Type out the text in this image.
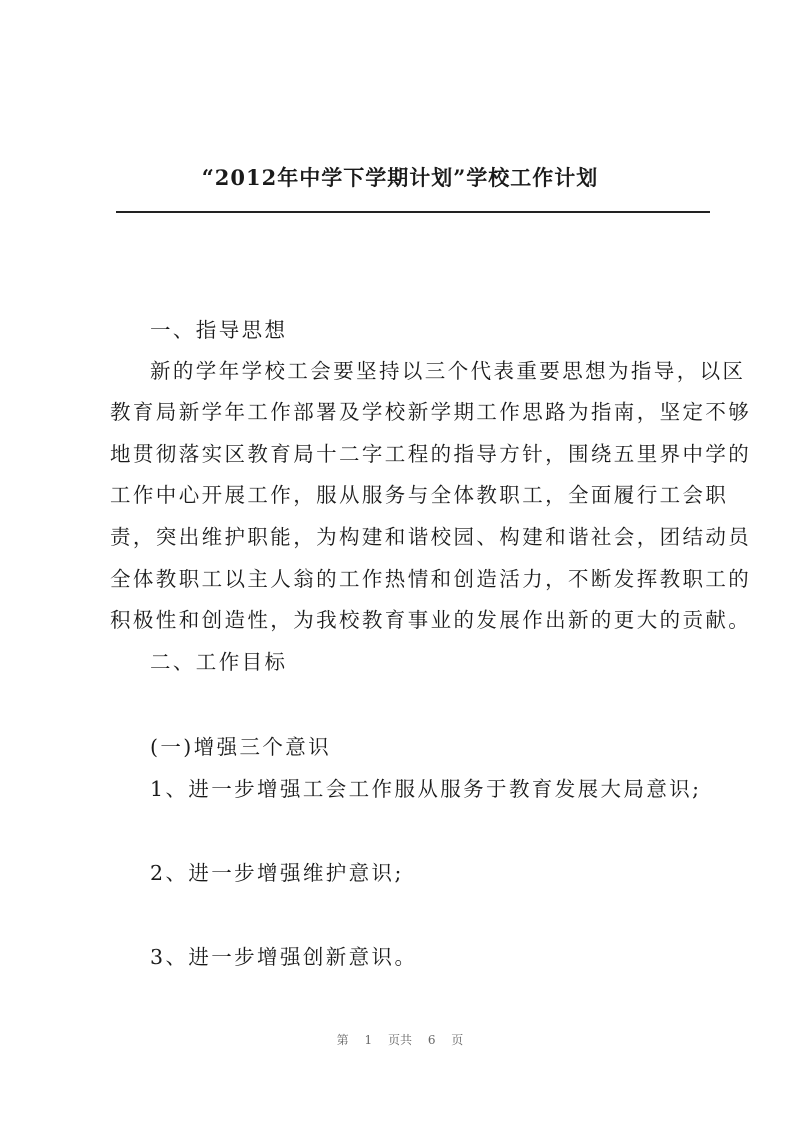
“2012年中学下学期计划”学校工作计划
一、指导思想
新的学年学校工会要坚持以三个代表重要思想为指导，以区
教育局新学年工作部署及学校新学期工作思路为指南，坚定不够
地贯彻落实区教育局十二字工程的指导方针，围绕五里界中学的
工作中心开展工作，服从服务与全体教职工，全面履行工会职
责，突出维护职能，为构建和谐校园、构建和谐社会，团结动员
全体教职工以主人翁的工作热情和创造活力，不断发挥教职工的
积极性和创造性，为我校教育事业的发展作出新的更大的贡献。
二、工作目标
(一)增强三个意识
1、进一步增强工会工作服从服务于教育发展大局意识;
2、进一步增强维护意识;
3、进一步增强创新意识。
第 1 页共 6 页
